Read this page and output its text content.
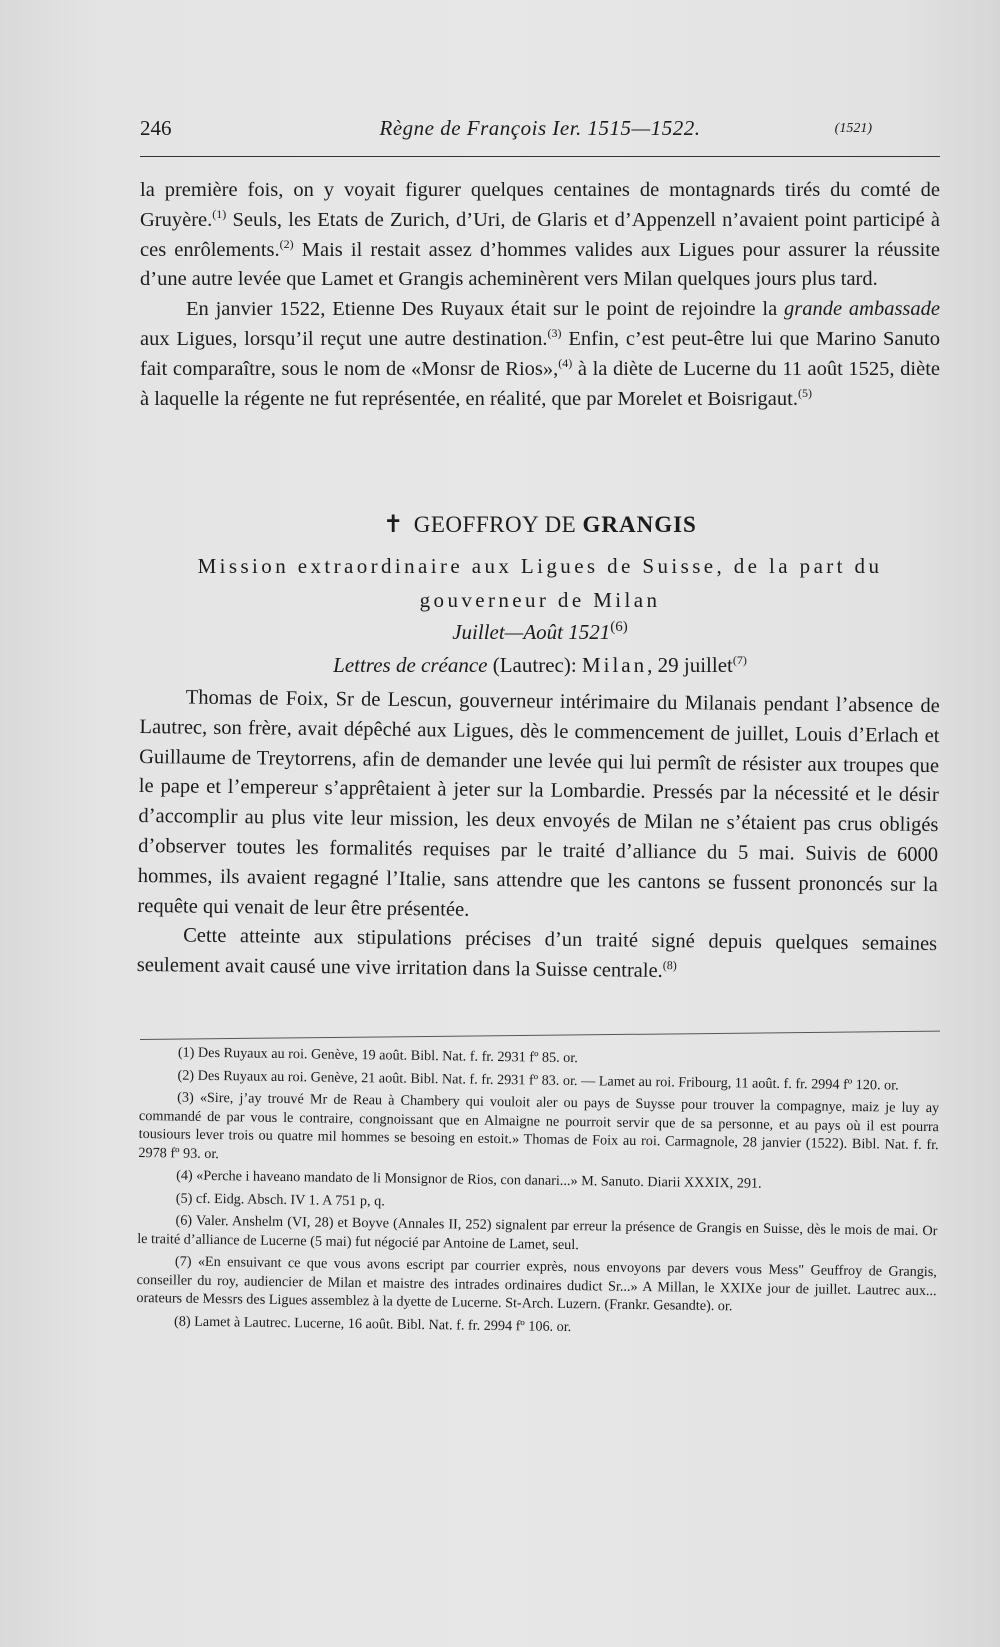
246	Règne de François Ier. 1515—1522.	(1521)

la première fois, on y voyait figurer quelques centaines de montagnards tirés du comté de Gruyère.$^{(1)}$ Seuls, les Etats de Zurich, d’Uri, de Glaris et d’Appenzell n’avaient point participé à ces enrôlements.$^{(2)}$ Mais il restait assez d’hommes valides aux Ligues pour assurer la réussite d’une autre levée que Lamet et Grangis acheminèrent vers Milan quelques jours plus tard.

En janvier 1522, Etienne Des Ruyaux était sur le point de rejoindre la grande ambassade aux Ligues, lorsqu’il reçut une autre destination.$^{(3)}$ Enfin, c’est peut-être lui que Marino Sanuto fait comparaître, sous le nom de «Monsr de Rios»,$^{(4)}$ à la diète de Lucerne du 11 août 1525, diète à laquelle la régente ne fut représentée, en réalité, que par Morelet et Boisrigaut.$^{(5)}$

✝ GEOFFROY DE GRANGIS
Mission extraordinaire aux Ligues de Suisse, de la part du gouverneur de Milan
Juillet—Août 1521$^{(6)}$
Lettres de créance (Lautrec): Milan, 29 juillet$^{(7)}$

Thomas de Foix, Sr de Lescun, gouverneur intérimaire du Milanais pendant l’absence de Lautrec, son frère, avait dépêché aux Ligues, dès le commencement de juillet, Louis d’Erlach et Guillaume de Treytorrens, afin de demander une levée qui lui permît de résister aux troupes que le pape et l’empereur s’apprêtaient à jeter sur la Lombardie. Pressés par la nécessité et le désir d’accomplir au plus vite leur mission, les deux envoyés de Milan ne s’étaient pas crus obligés d’observer toutes les formalités requises par le traité d’alliance du 5 mai. Suivis de 6000 hommes, ils avaient regagné l’Italie, sans attendre que les cantons se fussent prononcés sur la requête qui venait de leur être présentée.

Cette atteinte aux stipulations précises d’un traité signé depuis quelques semaines seulement avait causé une vive irritation dans la Suisse centrale.$^{(8)}$

(1) Des Ruyaux au roi. Genève, 19 août. Bibl. Nat. f. fr. 2931 fº 85. or.

(2) Des Ruyaux au roi. Genève, 21 août. Bibl. Nat. f. fr. 2931 fº 83. or. — Lamet au roi. Fribourg, 11 août. f. fr. 2994 fº 120. or.

(3) «Sire, j’ay trouvé Mr de Reau à Chambery qui vouloit aler ou pays de Suysse pour trouver la compagnye, maiz je luy ay commandé de par vous le contraire, congnoissant que en Almaigne ne pourroit servir que de sa personne, et au pays où il est pourra tousiours lever trois ou quatre mil hommes se besoing en estoit.» Thomas de Foix au roi. Carmagnole, 28 janvier (1522). Bibl. Nat. f. fr. 2978 fº 93. or.

(4) «Perche i haveano mandato de li Monsignor de Rios, con danari...» M. Sanuto. Diarii XXXIX, 291.

(5) cf. Eidg. Absch. IV 1. A 751 p, q.

(6) Valer. Anshelm (VI, 28) et Boyve (Annales II, 252) signalent par erreur la présence de Grangis en Suisse, dès le mois de mai. Or le traité d’alliance de Lucerne (5 mai) fut négocié par Antoine de Lamet, seul.

(7) «En ensuivant ce que vous avons escript par courrier exprès, nous envoyons par devers vous Mess" Geuffroy de Grangis, conseiller du roy, audiencier de Milan et maistre des intrades ordinaires dudict Sr...» A Millan, le XXIXe jour de juillet. Lautrec aux... orateurs de Messrs des Ligues assemblez à la dyette de Lucerne. St-Arch. Luzern. (Frankr. Gesandte). or.

(8) Lamet à Lautrec. Lucerne, 16 août. Bibl. Nat. f. fr. 2994 fº 106. or.
